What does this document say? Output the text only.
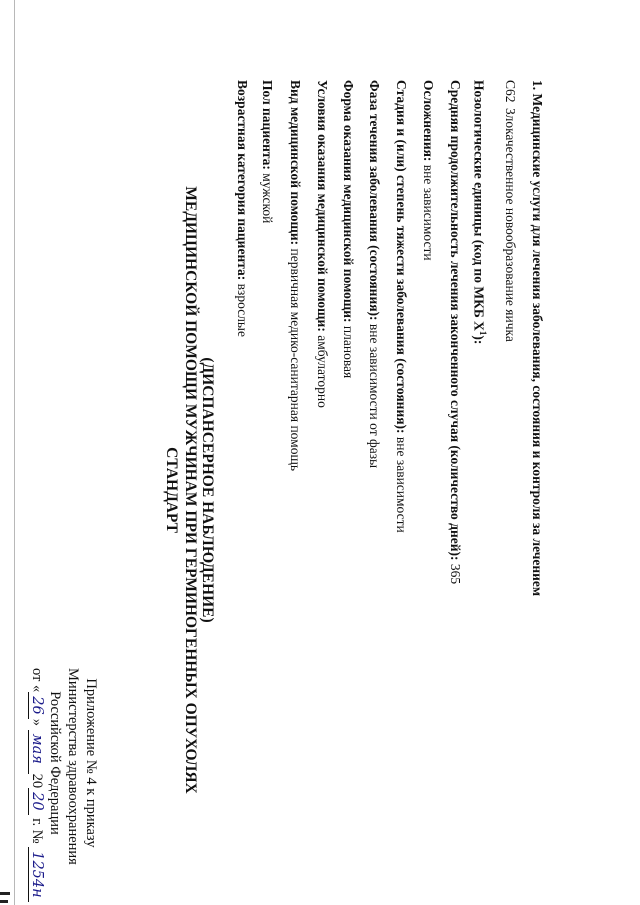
Приложение № 4 к приказу
Министерства здравоохранения
Российской Федерации
от «26» мая2020 г. № 1254н
СТАНДАРТ МЕДИЦИНСКОЙ ПОМОЩИ МУЖЧИНАМ ПРИ ГЕРМИНОГЕННЫХ ОПУХОЛЯХ (ДИСПАНСЕРНОЕ НАБЛЮДЕНИЕ)
Возрастная категория пациента: взрослые
Пол пациента: мужской Вид медицинской помощи: первичная медико-санитарная помощь
Условия оказания медицинской помощи: амбулаторно
Форма оказания медицинской помощи: плановая
Фаза течения заболевания (состояния): вне зависимости от фазы Стадия и (или) степень тяжести заболевания (состояния): вне зависимости
Осложнения: вне зависимости Средняя продолжительность лечения законченного случая (количество дней): 365
Нозологические единицы (код по МКБ $X^1$):
C62Злокачественное новообразование яичка 1. Медицинские услуги для лечения заболевания, состояния и контроля за лечением
